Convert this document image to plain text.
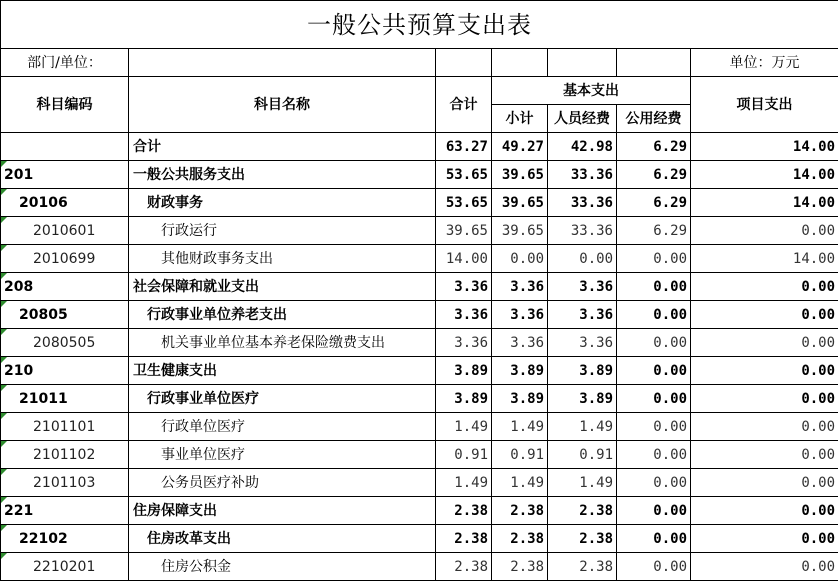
一般公共预算支出表						
部门/单位：						单位：万元
科目编码	科目名称	合计	基本支出			项目支出
			小计	人员经费	公用经费	
	合计	63.27	49.27	42.98	6.29	14.00
201	一般公共服务支出	53.65	39.65	33.36	6.29	14.00
20106	财政事务	53.65	39.65	33.36	6.29	14.00
2010601	行政运行	39.65	39.65	33.36	6.29	0.00
2010699	其他财政事务支出	14.00	0.00	0.00	0.00	14.00
208	社会保障和就业支出	3.36	3.36	3.36	0.00	0.00
20805	行政事业单位养老支出	3.36	3.36	3.36	0.00	0.00
2080505	机关事业单位基本养老保险缴费支出	3.36	3.36	3.36	0.00	0.00
210	卫生健康支出	3.89	3.89	3.89	0.00	0.00
21011	行政事业单位医疗	3.89	3.89	3.89	0.00	0.00
2101101	行政单位医疗	1.49	1.49	1.49	0.00	0.00
2101102	事业单位医疗	0.91	0.91	0.91	0.00	0.00
2101103	公务员医疗补助	1.49	1.49	1.49	0.00	0.00
221	住房保障支出	2.38	2.38	2.38	0.00	0.00
22102	住房改革支出	2.38	2.38	2.38	0.00	0.00
2210201	住房公积金	2.38	2.38	2.38	0.00	0.00
